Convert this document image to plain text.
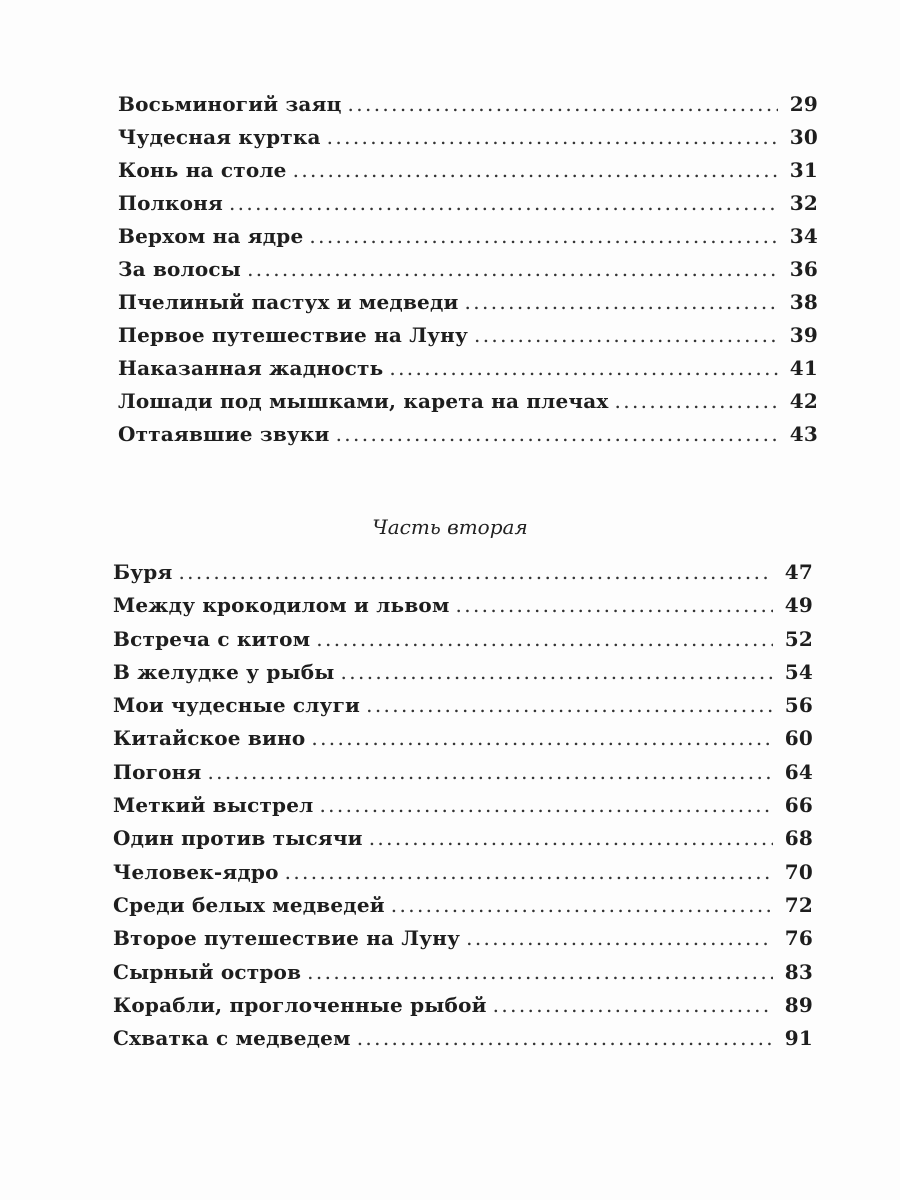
Восьминогий заяц . . .	29
Чудесная куртка . . .	30
Конь на столе . . .	31
Полконя . . .	32
Верхом на ядре . . .	34
За волосы . . .	36
Пчелиный пастух и медведи . . .	38
Первое путешествие на Луну . . .	39
Наказанная жадность . . .	41
Лошади под мышками, карета на плечах . . .	42
Оттаявшие звуки . . .	43
Часть вторая
Буря . . .	47
Между крокодилом и львом . . .	49
Встреча с китом . . .	52
В желудке у рыбы . . .	54
Мои чудесные слуги . . .	56
Китайское вино . . .	60
Погоня . . .	64
Меткий выстрел . . .	66
Один против тысячи . . .	68
Человек-ядро . . .	70
Среди белых медведей . . .	72
Второе путешествие на Луну . . .	76
Сырный остров . . .	83
Корабли, проглоченные рыбой . . .	89
Схватка с медведем . . .	91
